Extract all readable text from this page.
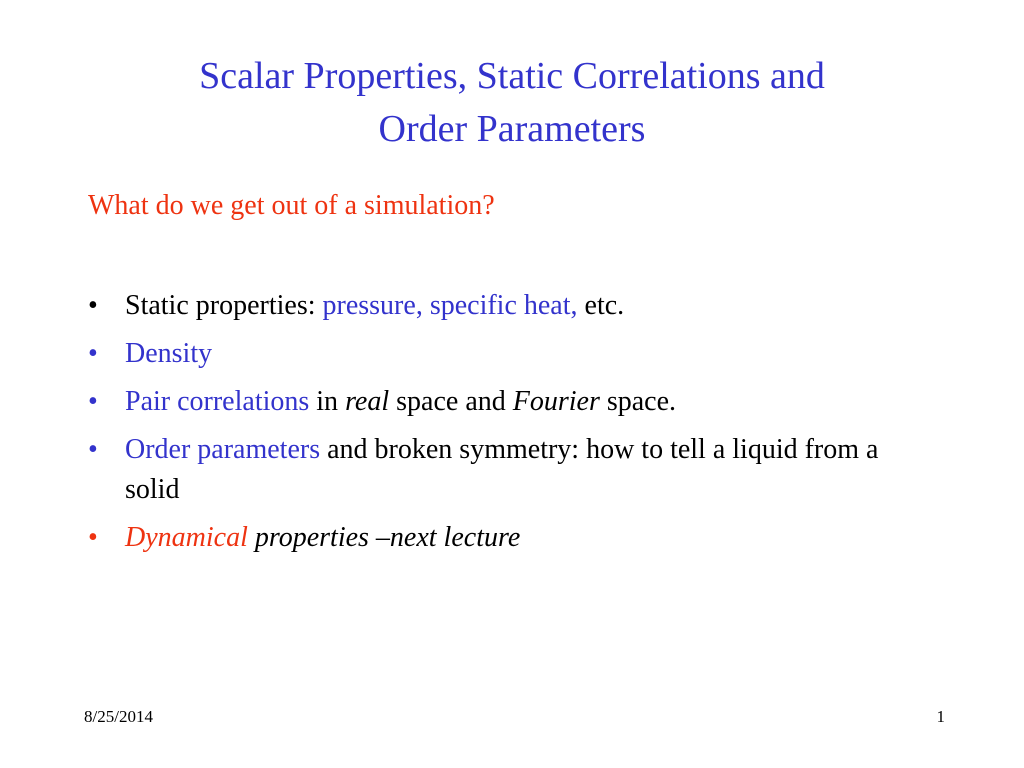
Scalar Properties, Static Correlations and
Order Parameters

What do we get out of a simulation?

• Static properties: pressure, specific heat, etc.
• Density
• Pair correlations in real space and Fourier space.
• Order parameters and broken symmetry: how to tell a liquid from a solid
• Dynamical properties –next lecture
8/25/2014	1
